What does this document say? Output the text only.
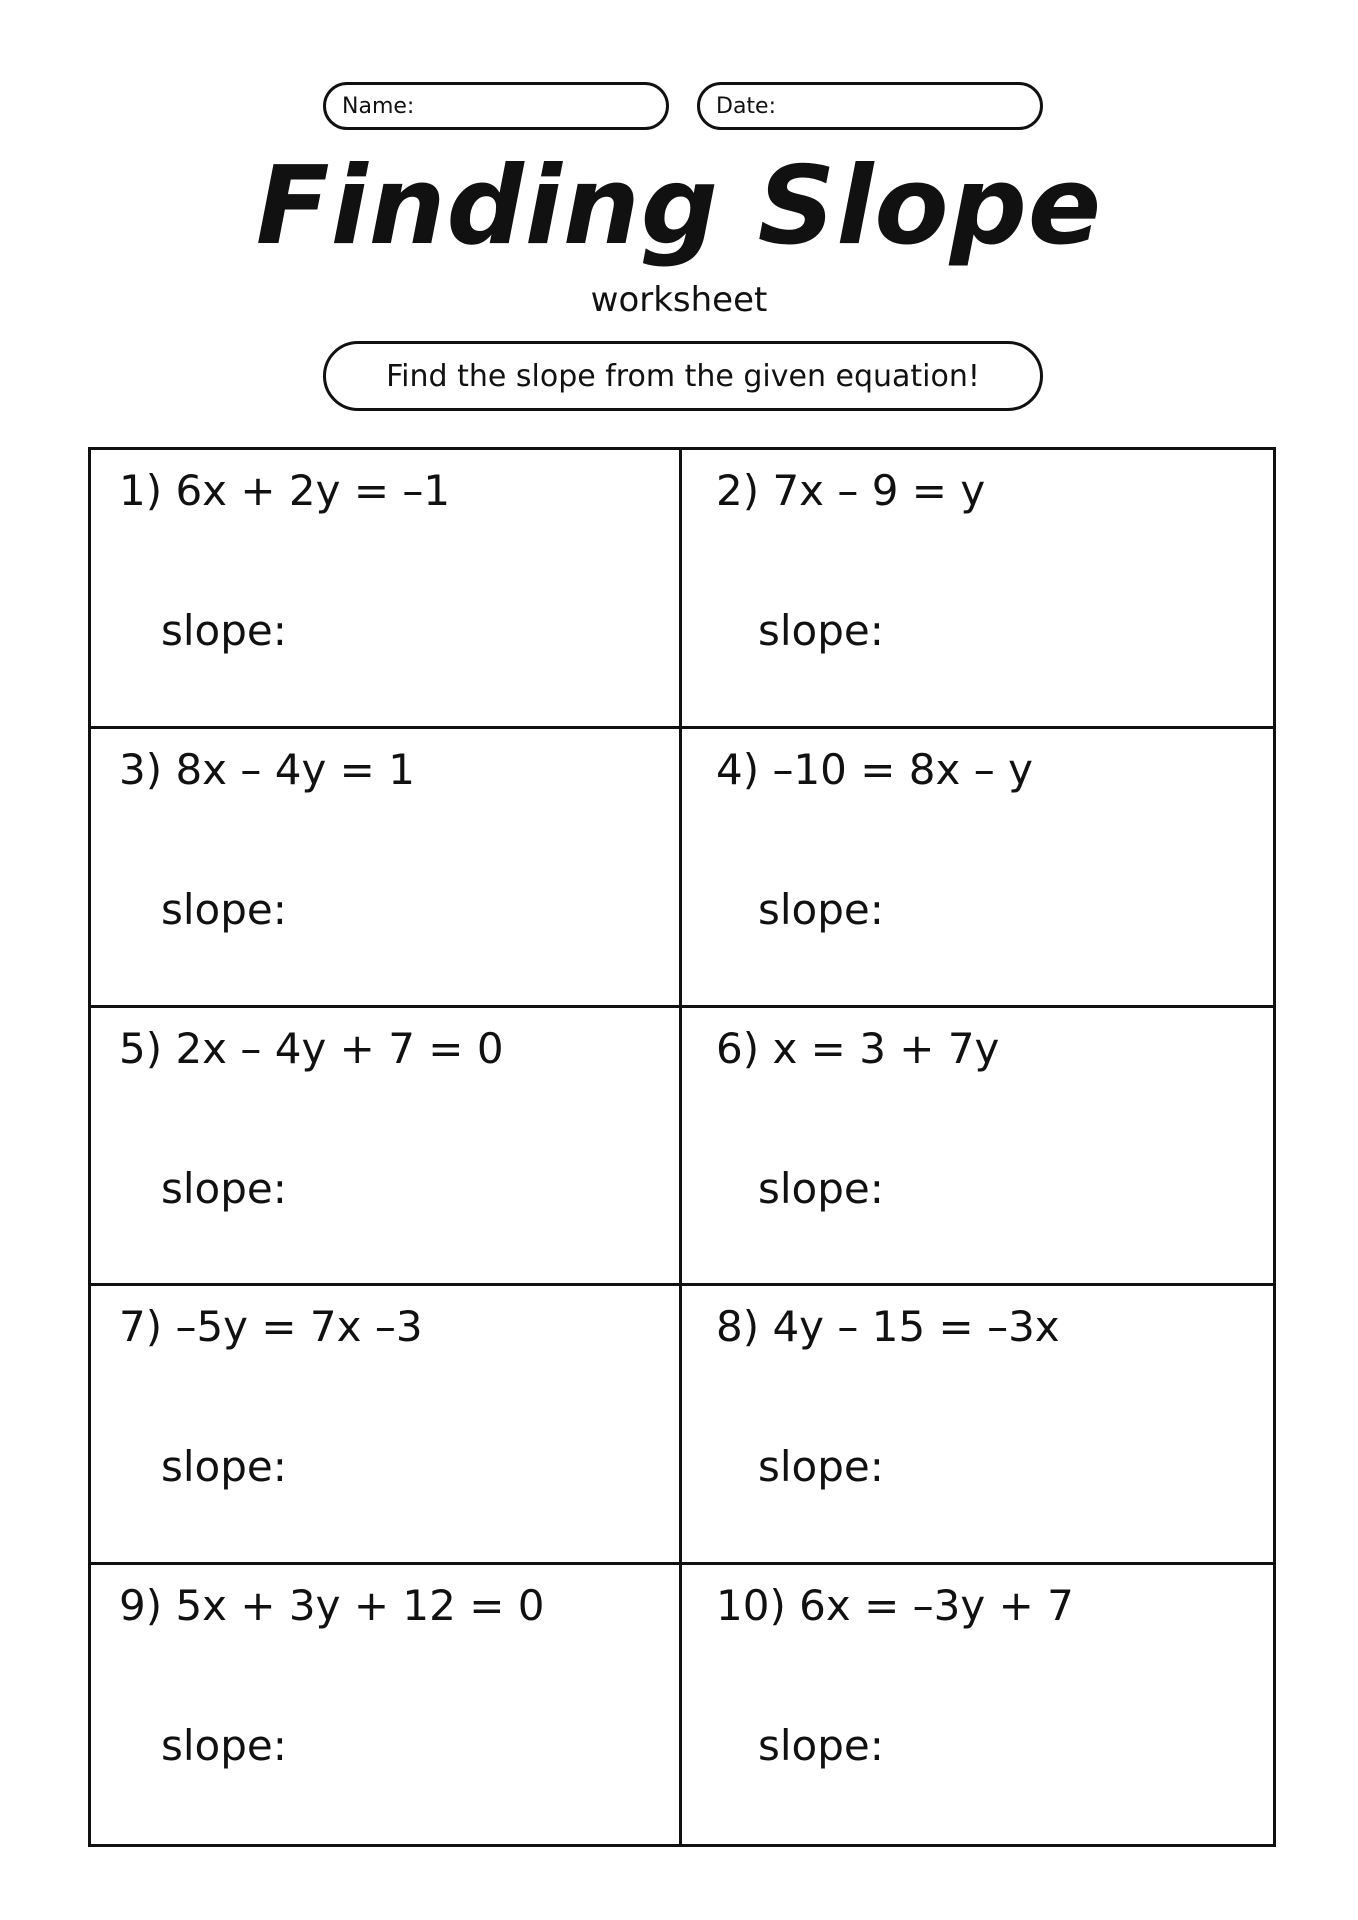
Name:	Date:
Finding Slope
worksheet
Find the slope from the given equation!
1) 6x + 2y = –1
slope:
2) 7x – 9 = y
slope:
3) 8x – 4y = 1
slope:
4) –10 = 8x – y
slope:
5) 2x – 4y + 7 = 0
slope:
6) x = 3 + 7y
slope:
7) –5y = 7x –3
slope:
8) 4y – 15 = –3x
slope:
9) 5x + 3y + 12 = 0
slope:
10) 6x = –3y + 7
slope:
